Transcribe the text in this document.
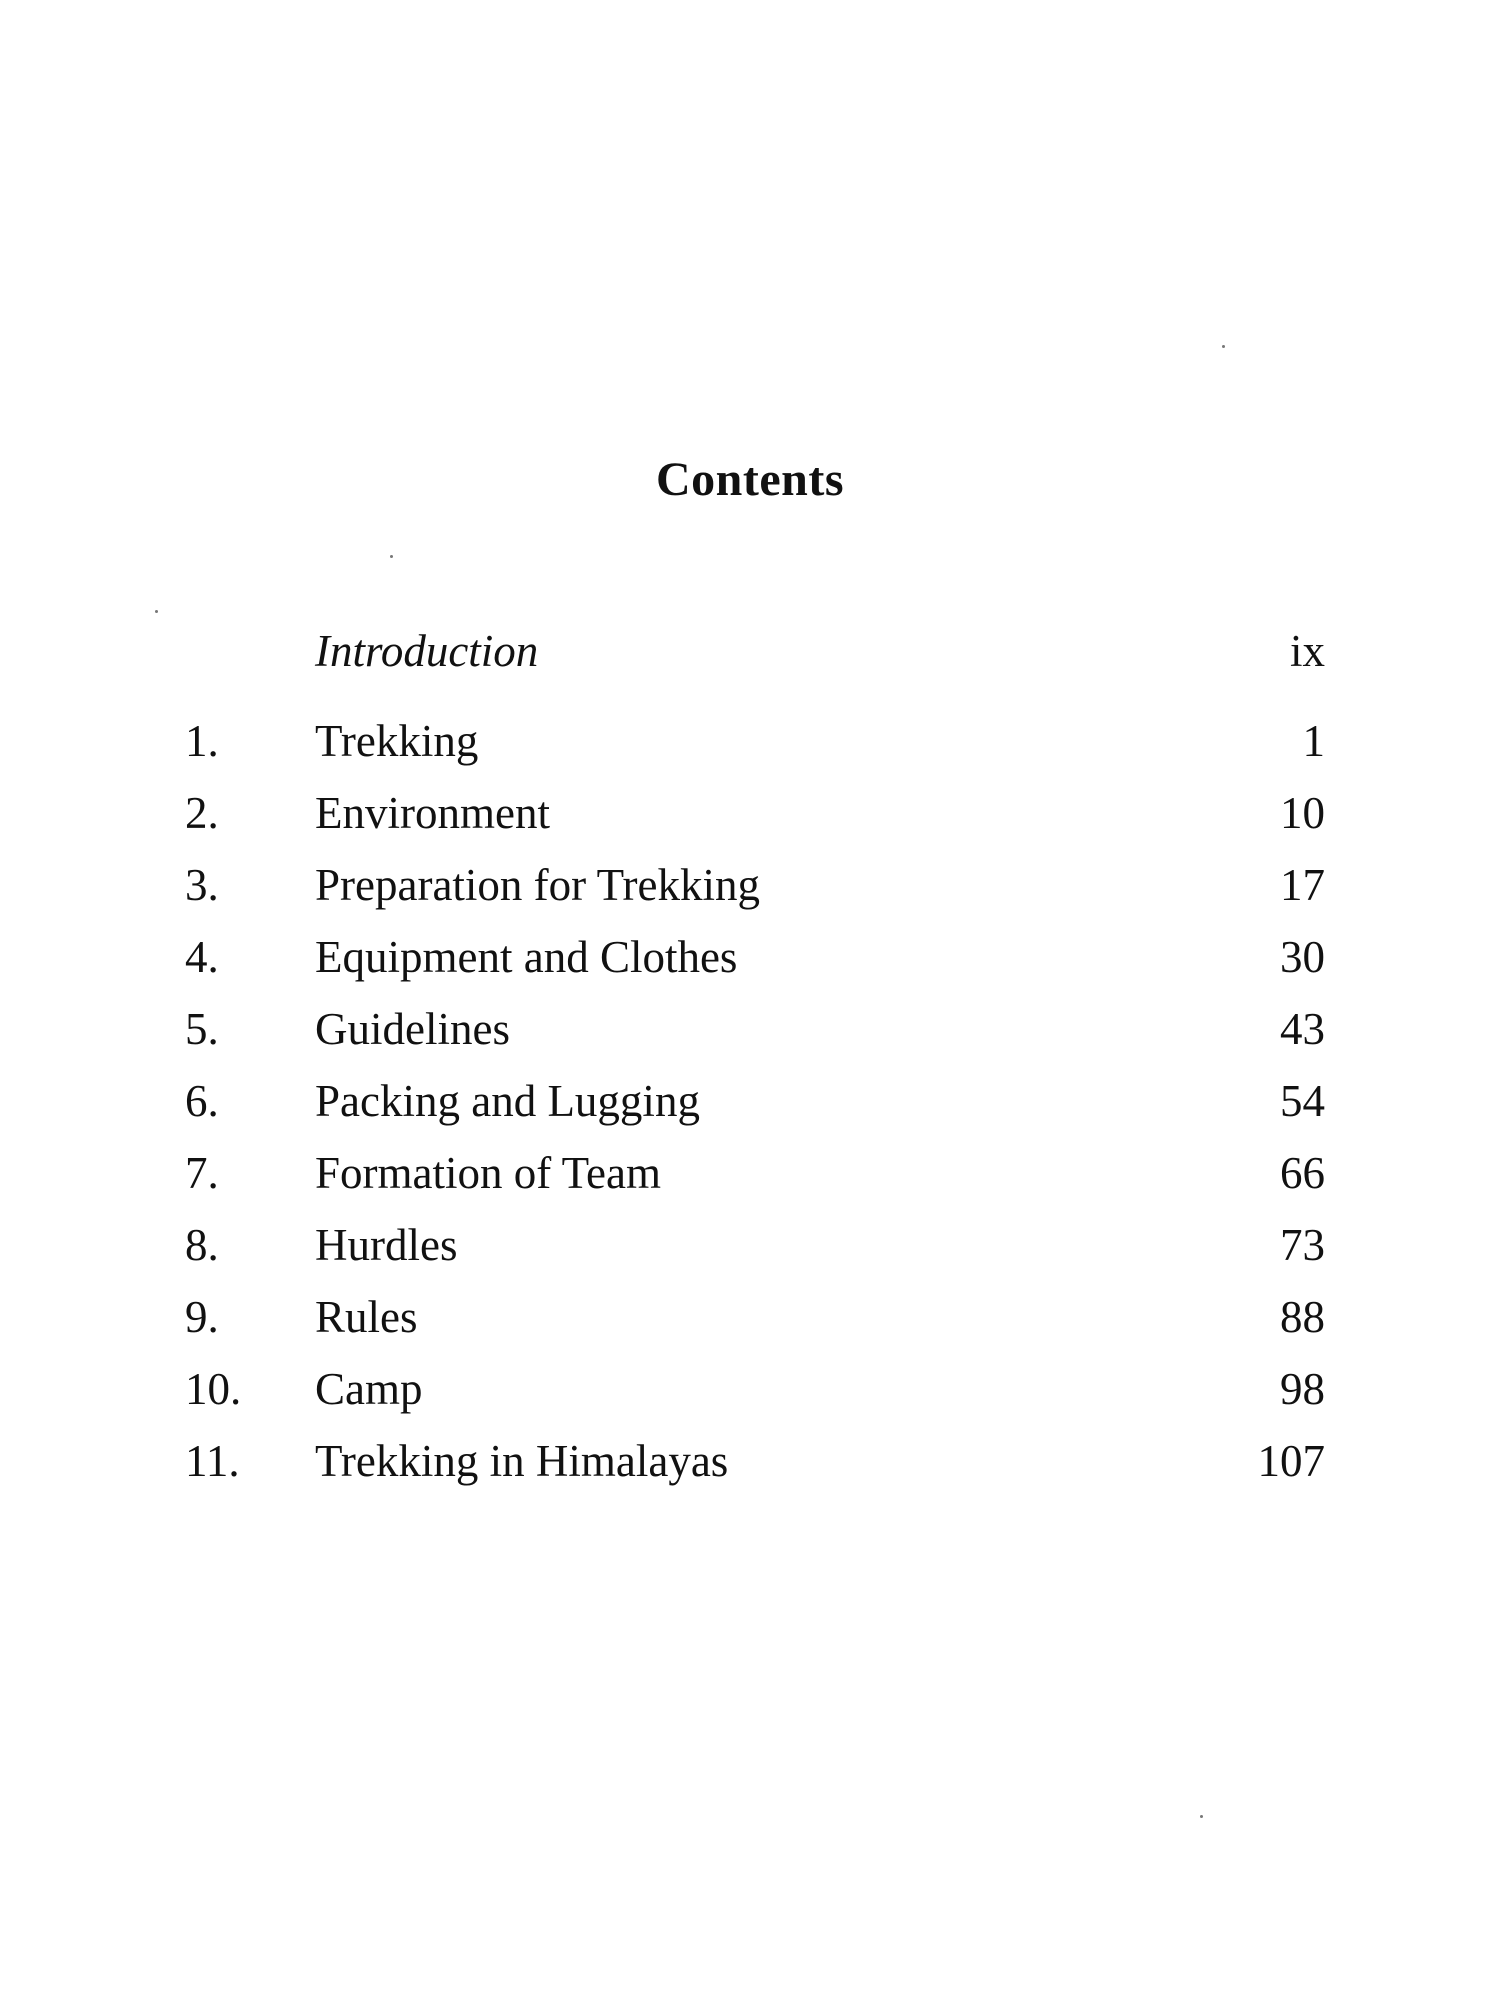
Contents
Introduction	ix
1.	Trekking	1
2.	Environment	10
3.	Preparation for Trekking	17
4.	Equipment and Clothes	30
5.	Guidelines	43
6.	Packing and Lugging	54
7.	Formation of Team	66
8.	Hurdles	73
9.	Rules	88
10.	Camp	98
11.	Trekking in Himalayas	107
